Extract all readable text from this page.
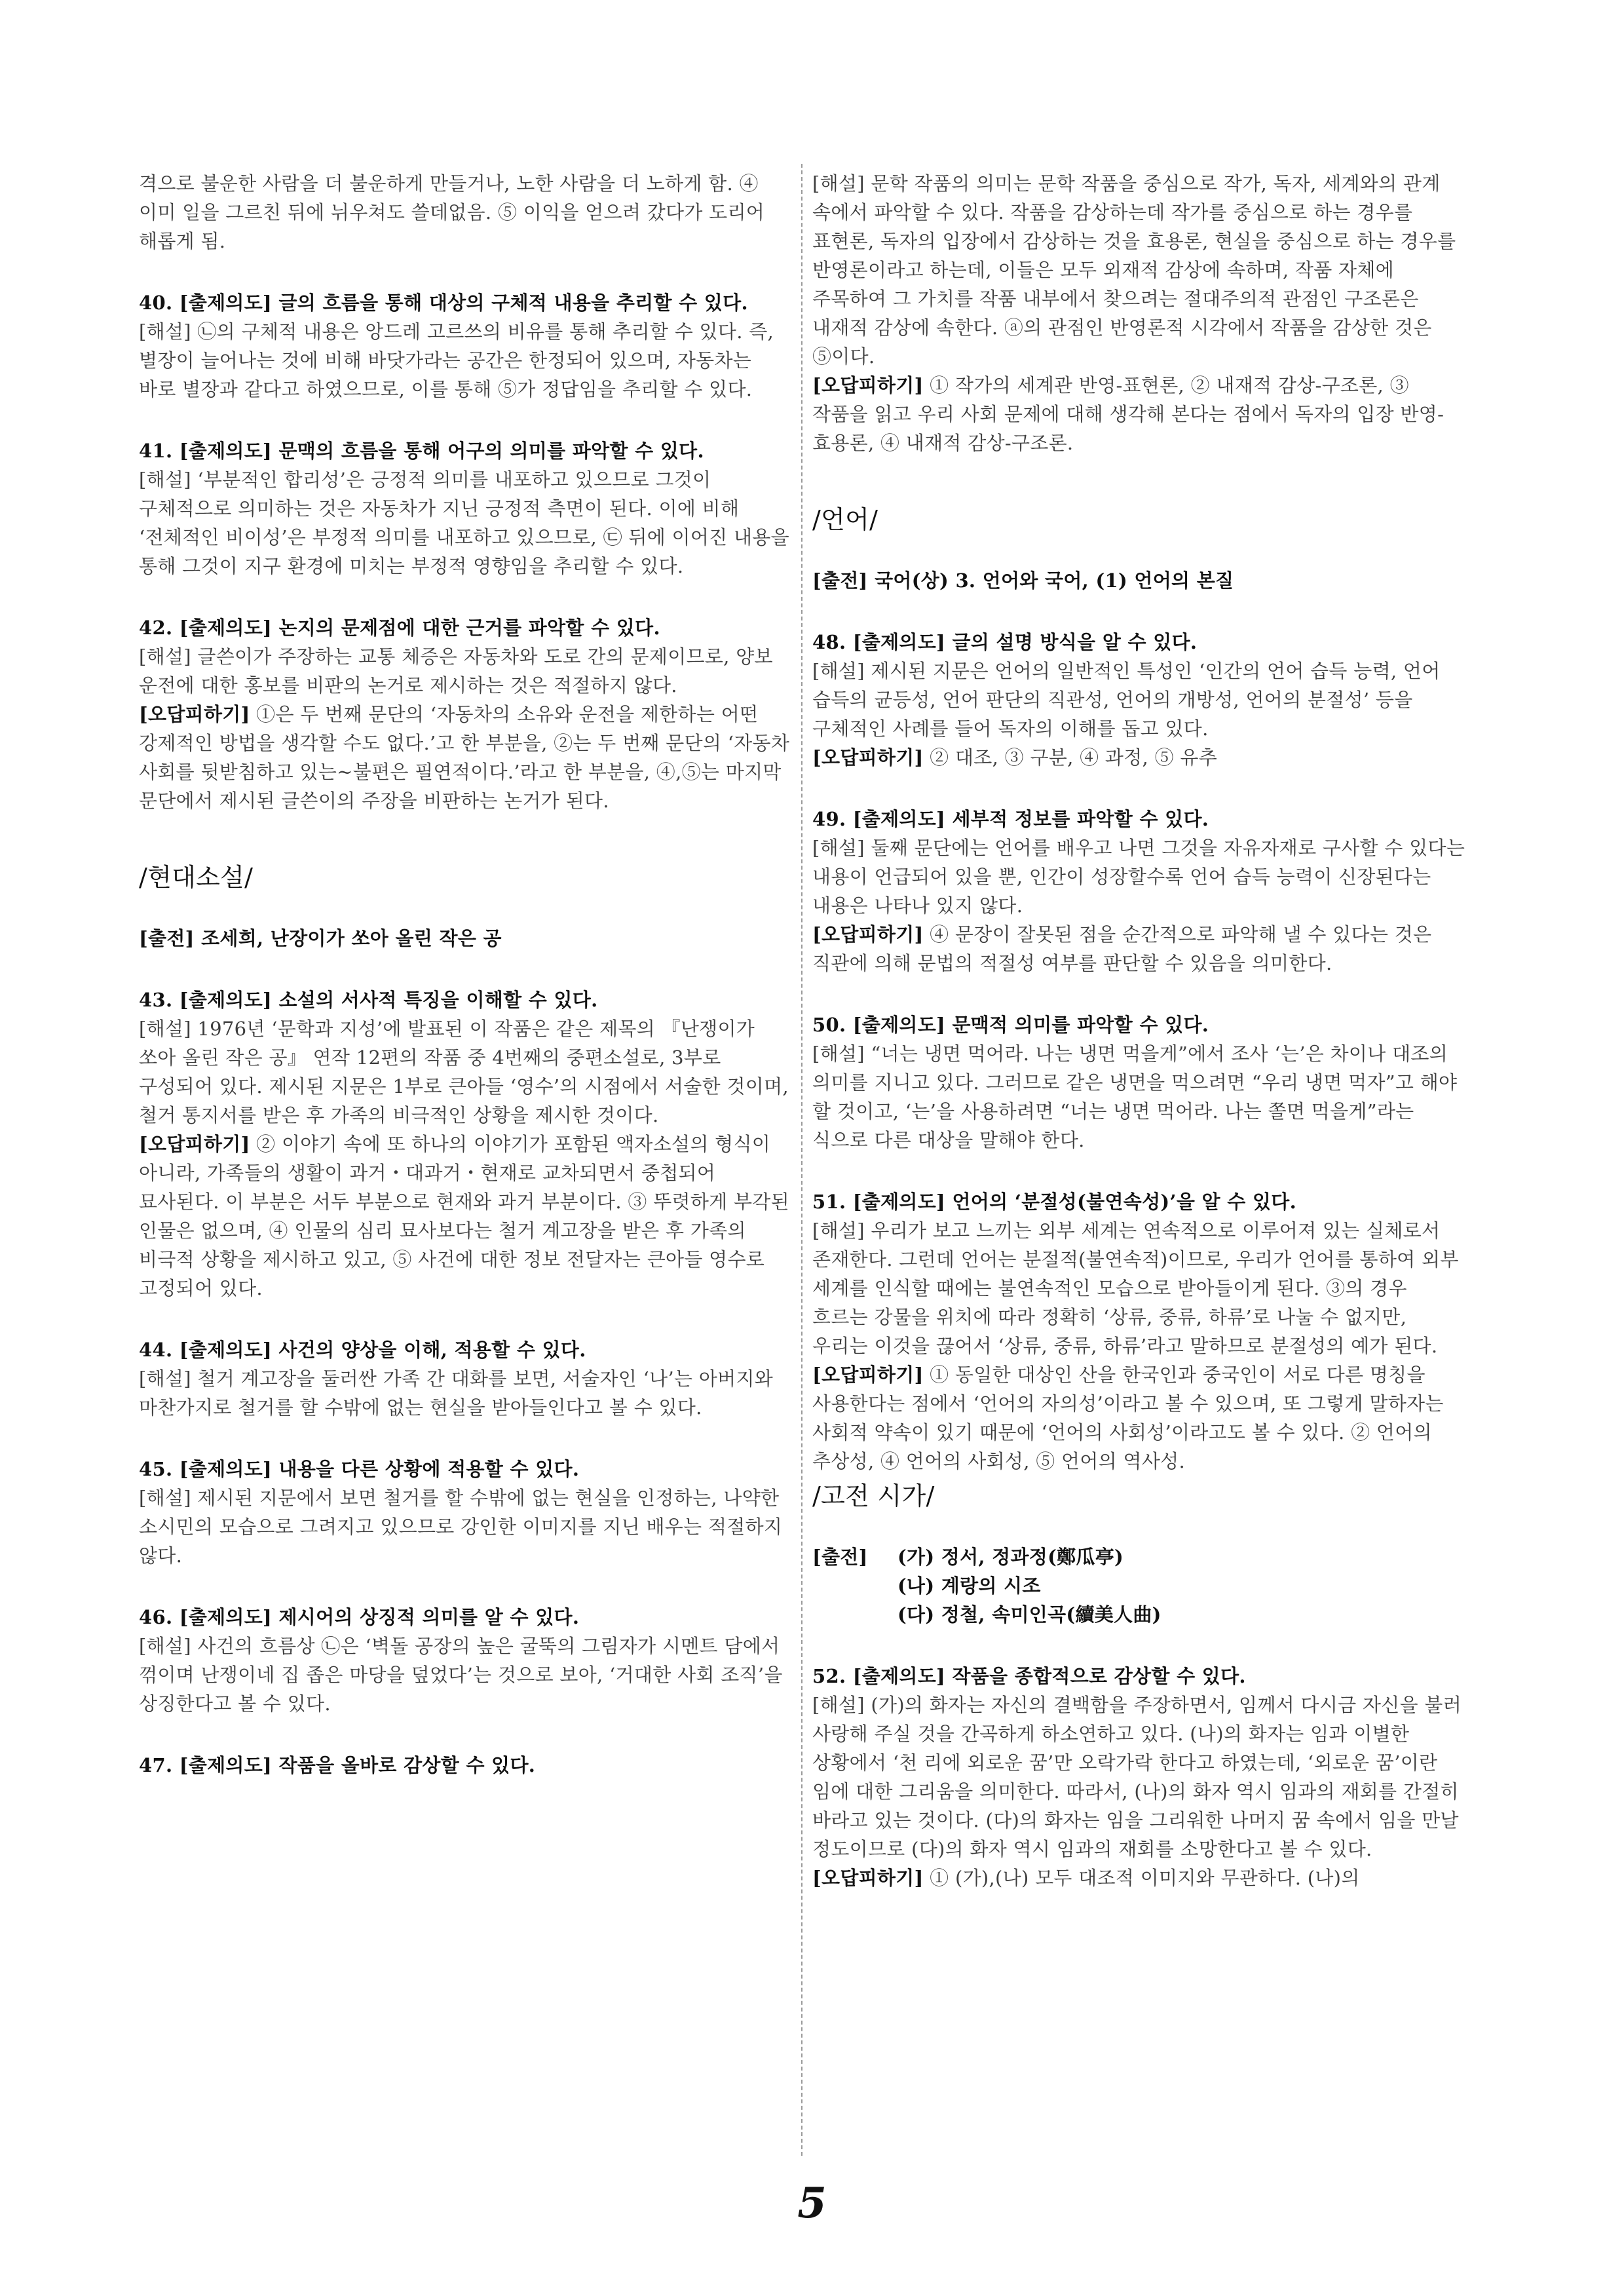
격으로 불운한 사람을 더 불운하게 만들거나, 노한 사람을 더 노하게 함. ④ 이미 일을 그르친 뒤에 뉘우쳐도 쓸데없음. ⑤ 이익을 얻으려 갔다가 도리어 해롭게 됨.

40. [출제의도] 글의 흐름을 통해 대상의 구체적 내용을 추리할 수 있다.

[해설] ㉡의 구체적 내용은 앙드레 고르쓰의 비유를 통해 추리할 수 있다. 즉, 별장이 늘어나는 것에 비해 바닷가라는 공간은 한정되어 있으며, 자동차는 바로 별장과 같다고 하였으므로, 이를 통해 ⑤가 정답임을 추리할 수 있다.

41. [출제의도] 문맥의 흐름을 통해 어구의 의미를 파악할 수 있다.

[해설] ‘부분적인 합리성’은 긍정적 의미를 내포하고 있으므로 그것이 구체적으로 의미하는 것은 자동차가 지닌 긍정적 측면이 된다. 이에 비해 ‘전체적인 비이성’은 부정적 의미를 내포하고 있으므로, ㉢ 뒤에 이어진 내용을 통해 그것이 지구 환경에 미치는 부정적 영향임을 추리할 수 있다.

42. [출제의도] 논지의 문제점에 대한 근거를 파악할 수 있다.

[해설] 글쓴이가 주장하는 교통 체증은 자동차와 도로 간의 문제이므로, 양보 운전에 대한 홍보를 비판의 논거로 제시하는 것은 적절하지 않다.

[오답피하기] ①은 두 번째 문단의 ‘자동차의 소유와 운전을 제한하는 어떤 강제적인 방법을 생각할 수도 없다.’고 한 부분을, ②는 두 번째 문단의 ‘자동차 사회를 뒷받침하고 있는~불편은 필연적이다.’라고 한 부분을, ④,⑤는 마지막 문단에서 제시된 글쓴이의 주장을 비판하는 논거가 된다.

/현대소설/
[출전] 조세희, 난장이가 쏘아 올린 작은 공

43. [출제의도] 소설의 서사적 특징을 이해할 수 있다.

[해설] 1976년 ‘문학과 지성’에 발표된 이 작품은 같은 제목의 『난쟁이가 쏘아 올린 작은 공』 연작 12편의 작품 중 4번째의 중편소설로, 3부로 구성되어 있다. 제시된 지문은 1부로 큰아들 ‘영수’의 시점에서 서술한 것이며, 철거 통지서를 받은 후 가족의 비극적인 상황을 제시한 것이다.

[오답피하기] ② 이야기 속에 또 하나의 이야기가 포함된 액자소설의 형식이 아니라, 가족들의 생활이 과거・대과거・현재로 교차되면서 중첩되어 묘사된다. 이 부분은 서두 부분으로 현재와 과거 부분이다. ③ 뚜렷하게 부각된 인물은 없으며, ④ 인물의 심리 묘사보다는 철거 계고장을 받은 후 가족의 비극적 상황을 제시하고 있고, ⑤ 사건에 대한 정보 전달자는 큰아들 영수로 고정되어 있다.

44. [출제의도] 사건의 양상을 이해, 적용할 수 있다.

[해설] 철거 계고장을 둘러싼 가족 간 대화를 보면, 서술자인 ‘나’는 아버지와 마찬가지로 철거를 할 수밖에 없는 현실을 받아들인다고 볼 수 있다.

45. [출제의도] 내용을 다른 상황에 적용할 수 있다.

[해설] 제시된 지문에서 보면 철거를 할 수밖에 없는 현실을 인정하는, 나약한 소시민의 모습으로 그려지고 있으므로 강인한 이미지를 지닌 배우는 적절하지 않다.

46. [출제의도] 제시어의 상징적 의미를 알 수 있다.

[해설] 사건의 흐름상 ㉡은 ‘벽돌 공장의 높은 굴뚝의 그림자가 시멘트 담에서 꺾이며 난쟁이네 집 좁은 마당을 덮었다’는 것으로 보아, ‘거대한 사회 조직’을 상징한다고 볼 수 있다.

47. [출제의도] 작품을 올바로 감상할 수 있다.

[해설] 문학 작품의 의미는 문학 작품을 중심으로 작가, 독자, 세계와의 관계 속에서 파악할 수 있다. 작품을 감상하는데 작가를 중심으로 하는 경우를 표현론, 독자의 입장에서 감상하는 것을 효용론, 현실을 중심으로 하는 경우를 반영론이라고 하는데, 이들은 모두 외재적 감상에 속하며, 작품 자체에 주목하여 그 가치를 작품 내부에서 찾으려는 절대주의적 관점인 구조론은 내재적 감상에 속한다. ⓐ의 관점인 반영론적 시각에서 작품을 감상한 것은 ⑤이다.

[오답피하기] ① 작가의 세계관 반영-표현론, ② 내재적 감상-구조론, ③ 작품을 읽고 우리 사회 문제에 대해 생각해 본다는 점에서 독자의 입장 반영-효용론, ④ 내재적 감상-구조론.

/언어/
[출전] 국어(상) 3. 언어와 국어, (1) 언어의 본질

48. [출제의도] 글의 설명 방식을 알 수 있다.

[해설] 제시된 지문은 언어의 일반적인 특성인 ‘인간의 언어 습득 능력, 언어 습득의 균등성, 언어 판단의 직관성, 언어의 개방성, 언어의 분절성’ 등을 구체적인 사례를 들어 독자의 이해를 돕고 있다.

[오답피하기] ② 대조, ③ 구분, ④ 과정, ⑤ 유추

49. [출제의도] 세부적 정보를 파악할 수 있다.

[해설] 둘째 문단에는 언어를 배우고 나면 그것을 자유자재로 구사할 수 있다는 내용이 언급되어 있을 뿐, 인간이 성장할수록 언어 습득 능력이 신장된다는 내용은 나타나 있지 않다.

[오답피하기] ④ 문장이 잘못된 점을 순간적으로 파악해 낼 수 있다는 것은 직관에 의해 문법의 적절성 여부를 판단할 수 있음을 의미한다.

50. [출제의도] 문맥적 의미를 파악할 수 있다.

[해설] “너는 냉면 먹어라. 나는 냉면 먹을게”에서 조사 ‘는’은 차이나 대조의 의미를 지니고 있다. 그러므로 같은 냉면을 먹으려면 “우리 냉면 먹자”고 해야 할 것이고, ‘는’을 사용하려면 “너는 냉면 먹어라. 나는 쫄면 먹을게”라는 식으로 다른 대상을 말해야 한다.

51. [출제의도] 언어의 ‘분절성(불연속성)’을 알 수 있다.

[해설] 우리가 보고 느끼는 외부 세계는 연속적으로 이루어져 있는 실체로서 존재한다. 그런데 언어는 분절적(불연속적)이므로, 우리가 언어를 통하여 외부 세계를 인식할 때에는 불연속적인 모습으로 받아들이게 된다. ③의 경우 흐르는 강물을 위치에 따라 정확히 ‘상류, 중류, 하류’로 나눌 수 없지만, 우리는 이것을 끊어서 ‘상류, 중류, 하류’라고 말하므로 분절성의 예가 된다.

[오답피하기] ① 동일한 대상인 산을 한국인과 중국인이 서로 다른 명칭을 사용한다는 점에서 ‘언어의 자의성’이라고 볼 수 있으며, 또 그렇게 말하자는 사회적 약속이 있기 때문에 ‘언어의 사회성’이라고도 볼 수 있다. ② 언어의 추상성, ④ 언어의 사회성, ⑤ 언어의 역사성.

/고전 시가/
[출전]	(가) 정서, 정과정(鄭瓜亭)
(나) 계랑의 시조
(다) 정철, 속미인곡(續美人曲)

52. [출제의도] 작품을 종합적으로 감상할 수 있다.

[해설] (가)의 화자는 자신의 결백함을 주장하면서, 임께서 다시금 자신을 불러 사랑해 주실 것을 간곡하게 하소연하고 있다. (나)의 화자는 임과 이별한 상황에서 ‘천 리에 외로운 꿈’만 오락가락 한다고 하였는데, ‘외로운 꿈’이란 임에 대한 그리움을 의미한다. 따라서, (나)의 화자 역시 임과의 재회를 간절히 바라고 있는 것이다. (다)의 화자는 임을 그리워한 나머지 꿈 속에서 임을 만날 정도이므로 (다)의 화자 역시 임과의 재회를 소망한다고 볼 수 있다.

[오답피하기] ① (가),(나) 모두 대조적 이미지와 무관하다. (나)의

5
